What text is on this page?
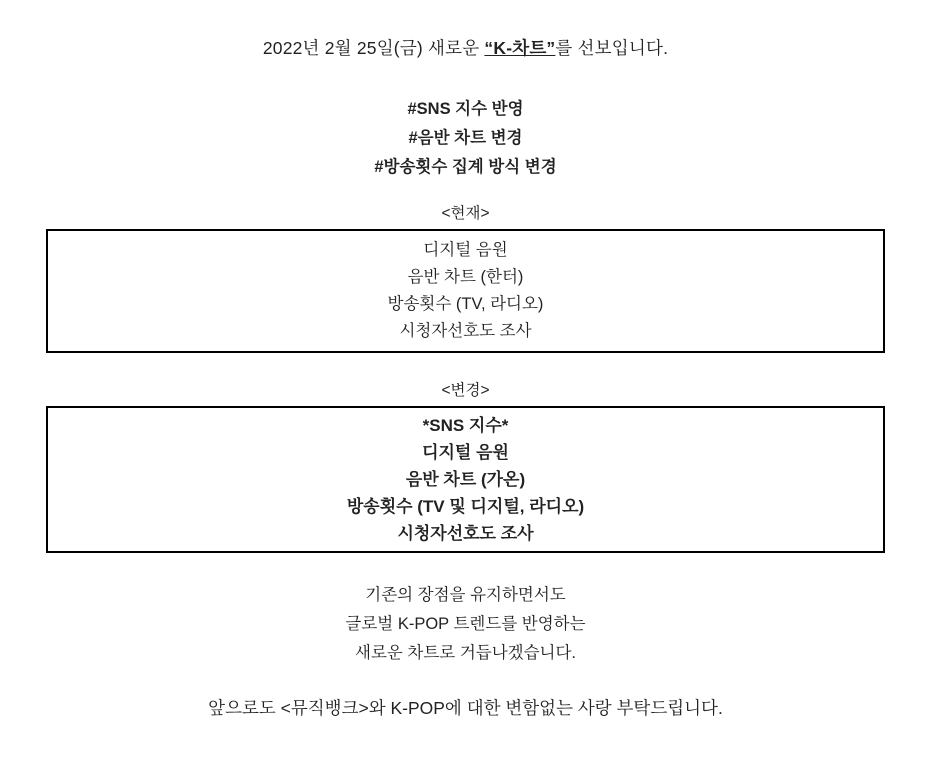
2022년 2월 25일(금) 새로운 “K-차트”를 선보입니다.

#SNS 지수 반영

#음반 차트 변경

#방송횟수 집계 방식 변경

<현재>

디지털 음원

음반 차트 (한터)

방송횟수 (TV, 라디오)

시청자선호도 조사

<변경>

*SNS 지수*

디지털 음원

음반 차트 (가온)

방송횟수 (TV 및 디지털, 라디오)

시청자선호도 조사

기존의 장점을 유지하면서도

글로벌 K-POP 트렌드를 반영하는

새로운 차트로 거듭나겠습니다.

앞으로도 <뮤직뱅크>와 K-POP에 대한 변함없는 사랑 부탁드립니다.
